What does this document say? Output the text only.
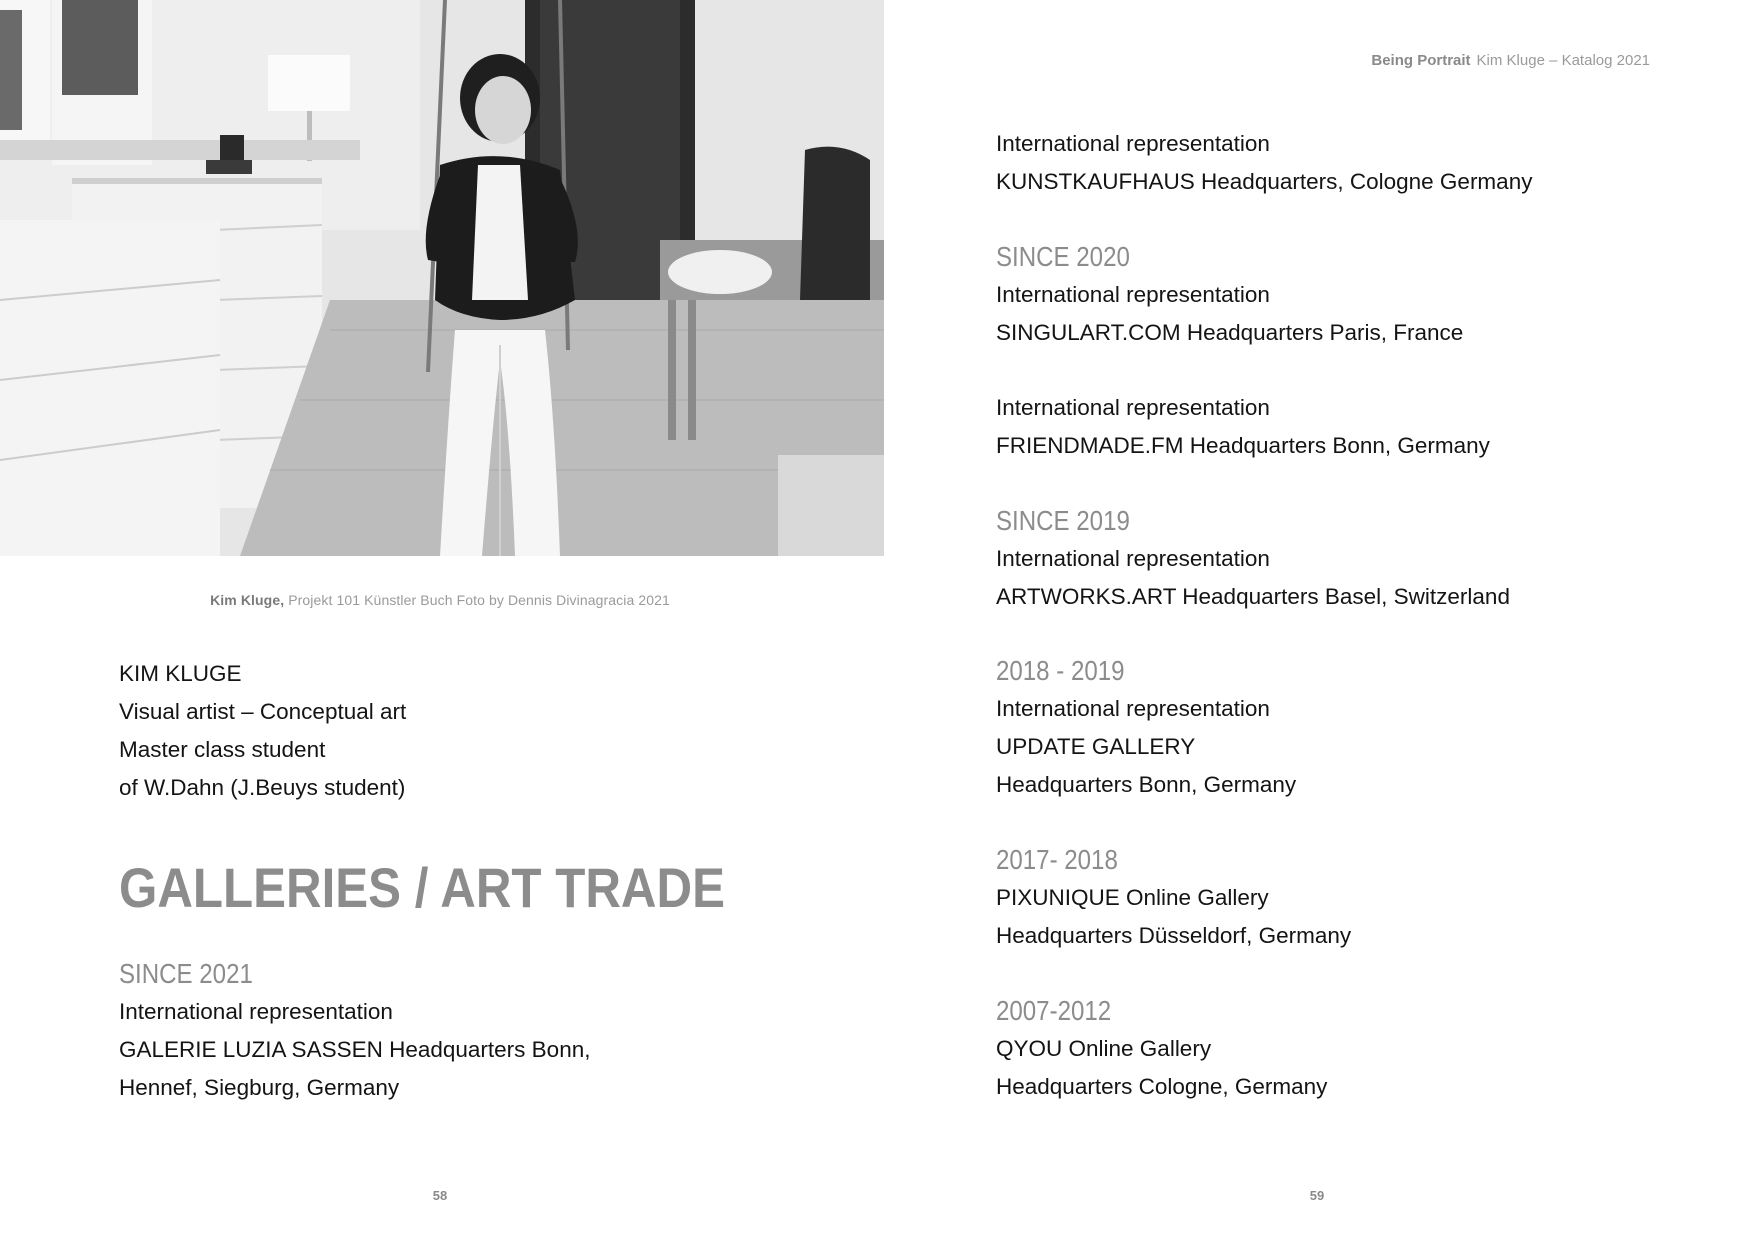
Kim Kluge, Projekt 101 Künstler Buch Foto by Dennis Divinagracia 2021
KIM KLUGE
Visual artist – Conceptual art
Master class student
of W.Dahn (J.Beuys student)
GALLERIES / ART TRADE
SINCE 2021
International representation
GALERIE LUZIA SASSEN Headquarters Bonn,
Hennef, Siegburg, Germany
58
Being Portrait Kim Kluge – Katalog 2021
International representation
KUNSTKAUFHAUS Headquarters, Cologne Germany
SINCE 2020
International representation
SINGULART.COM Headquarters Paris, France
International representation
FRIENDMADE.FM Headquarters Bonn, Germany
SINCE 2019
International representation
ARTWORKS.ART Headquarters Basel, Switzerland
2018 - 2019
International representation
UPDATE GALLERY
Headquarters Bonn, Germany
2017- 2018
PIXUNIQUE Online Gallery
Headquarters Düsseldorf, Germany
2007-2012
QYOU Online Gallery
Headquarters Cologne, Germany
59
